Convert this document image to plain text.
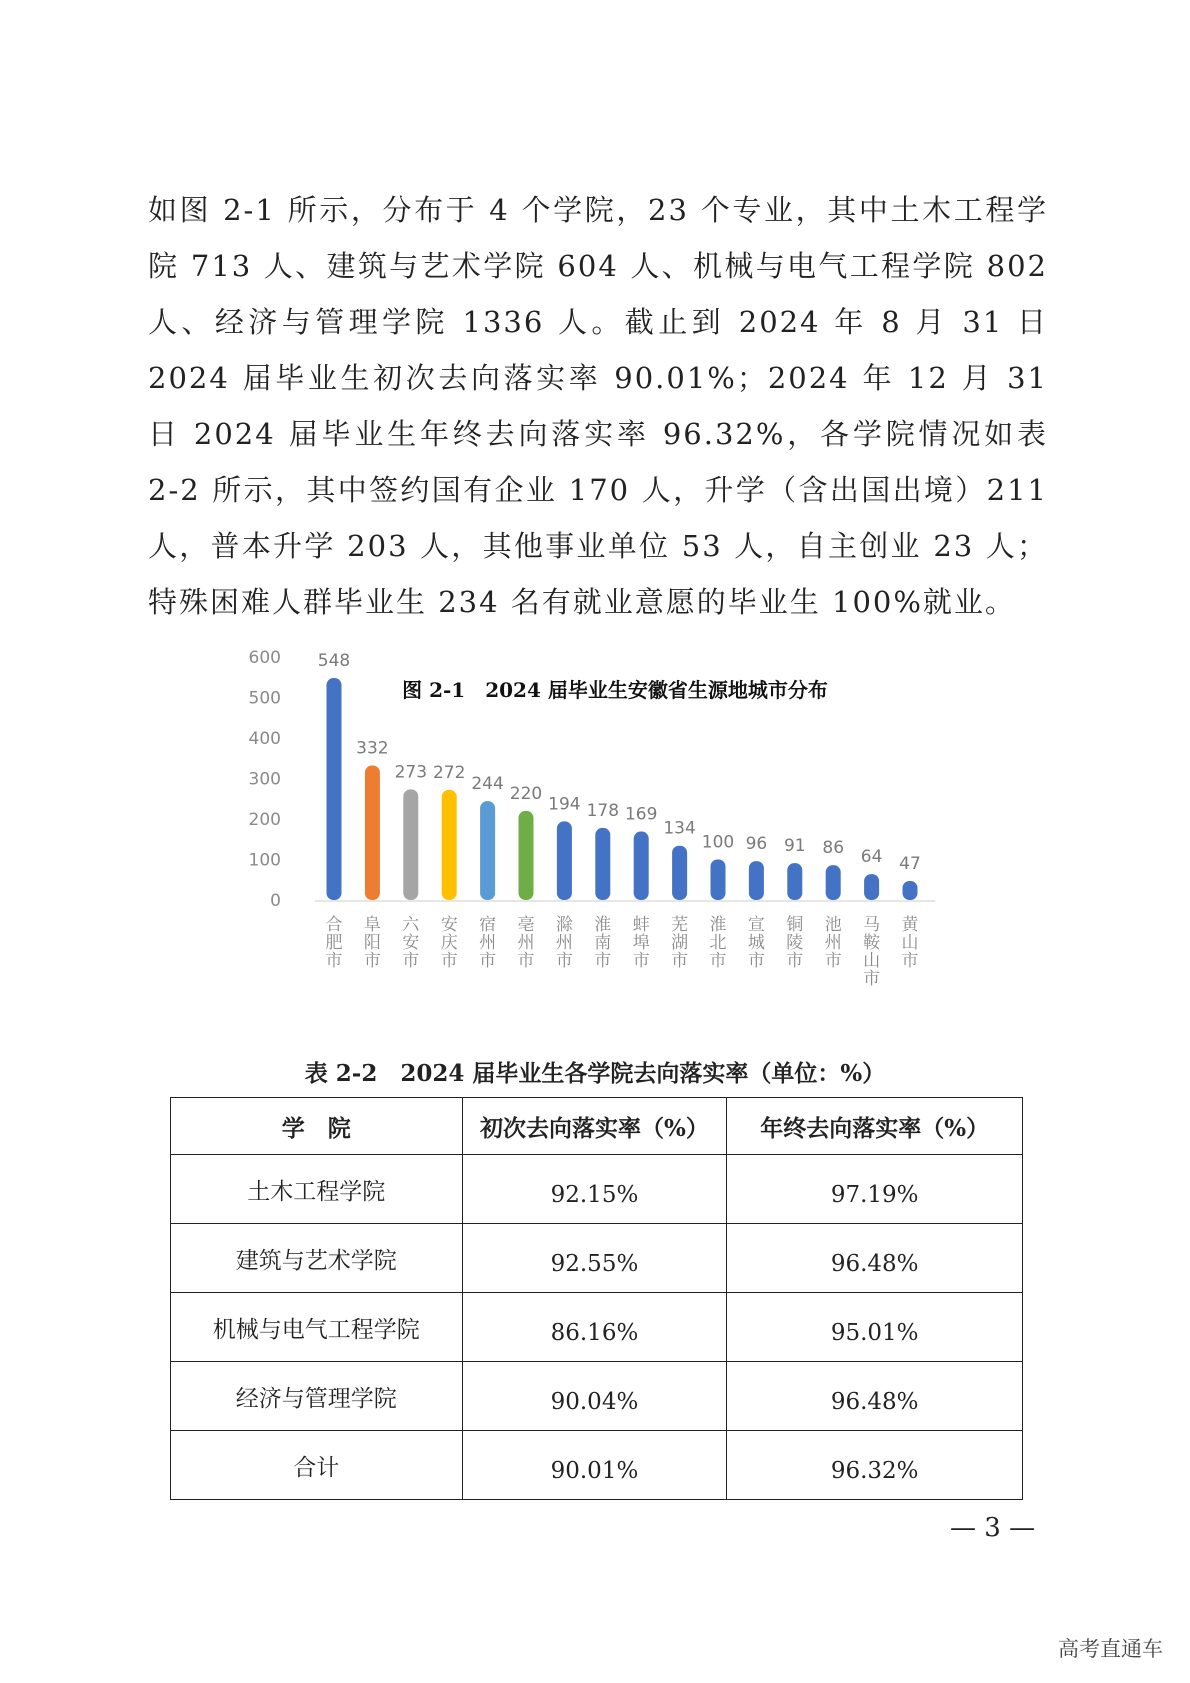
如图 2-1 所示，分布于 4 个学院，23 个专业，其中土木工程学院 713 人、建筑与艺术学院 604 人、机械与电气工程学院 802 人、经济与管理学院 1336 人。截止到 2024 年 8 月 31 日 2024 届毕业生初次去向落实率 90.01%；2024 年 12 月 31 日 2024 届毕业生年终去向落实率 96.32%，各学院情况如表 2-2 所示，其中签约国有企业 170 人，升学（含出国出境）211 人，普本升学 203 人，其他事业单位 53 人，自主创业 23 人；特殊困难人群毕业生 234 名有就业意愿的毕业生 100%就业。

0
100
200
300
400
500
600 548
332
273 272
244 220
194 178 169
134
100 96 91 86 64 47
合肥市
阜阳市
六安市
安庆市
宿州市
亳州市
滁州市
淮南市
蚌埠市
芜湖市
淮北市
宣城市
铜陵市
池州市
马鞍山市
黄山市
图 2-1　2024 届毕业生安徽省生源地城市分布
表 2-2　2024 届毕业生各学院去向落实率（单位：%）
学　院	初次去向落实率（%）	年终去向落实率（%）
土木工程学院	92.15%	97.19%
建筑与艺术学院	92.55%	96.48%
机械与电气工程学院	86.16%	95.01%
经济与管理学院	90.04%	96.48%
合计	90.01%	96.32%
— 3 —
高考直通车
